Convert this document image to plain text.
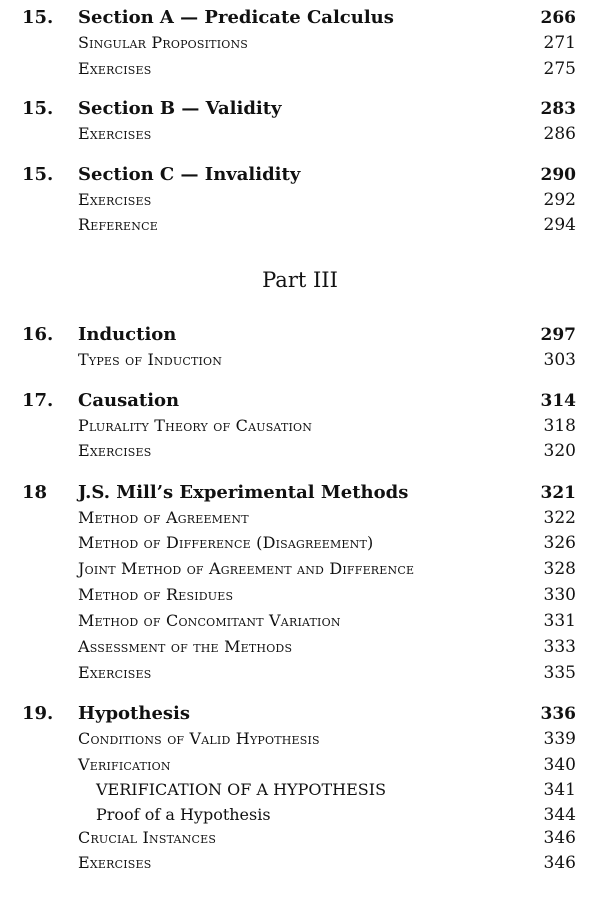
15. Section A — Predicate Calculus	266
Singular Propositions	271
Exercises	275
15. Section B — Validity	283
Exercises	286
15. Section C — Invalidity	290
Exercises	292
Reference	294
Part III
16. Induction	297
Types of Induction	303
17. Causation	314
Plurality Theory of Causation	318
Exercises	320
18 J.S. Mill’s Experimental Methods	321
Method of Agreement	322
Method of Difference (Disagreement)	326
Joint Method of Agreement and Difference	328
Method of Residues	330
Method of Concomitant Variation	331
Assessment of the Methods	333
Exercises	335
19. Hypothesis	336
Conditions of Valid Hypothesis	339
Verification	340
VERIFICATION OF A HYPOTHESIS	341
Proof of a Hypothesis	344
Crucial Instances	346
Exercises	346
